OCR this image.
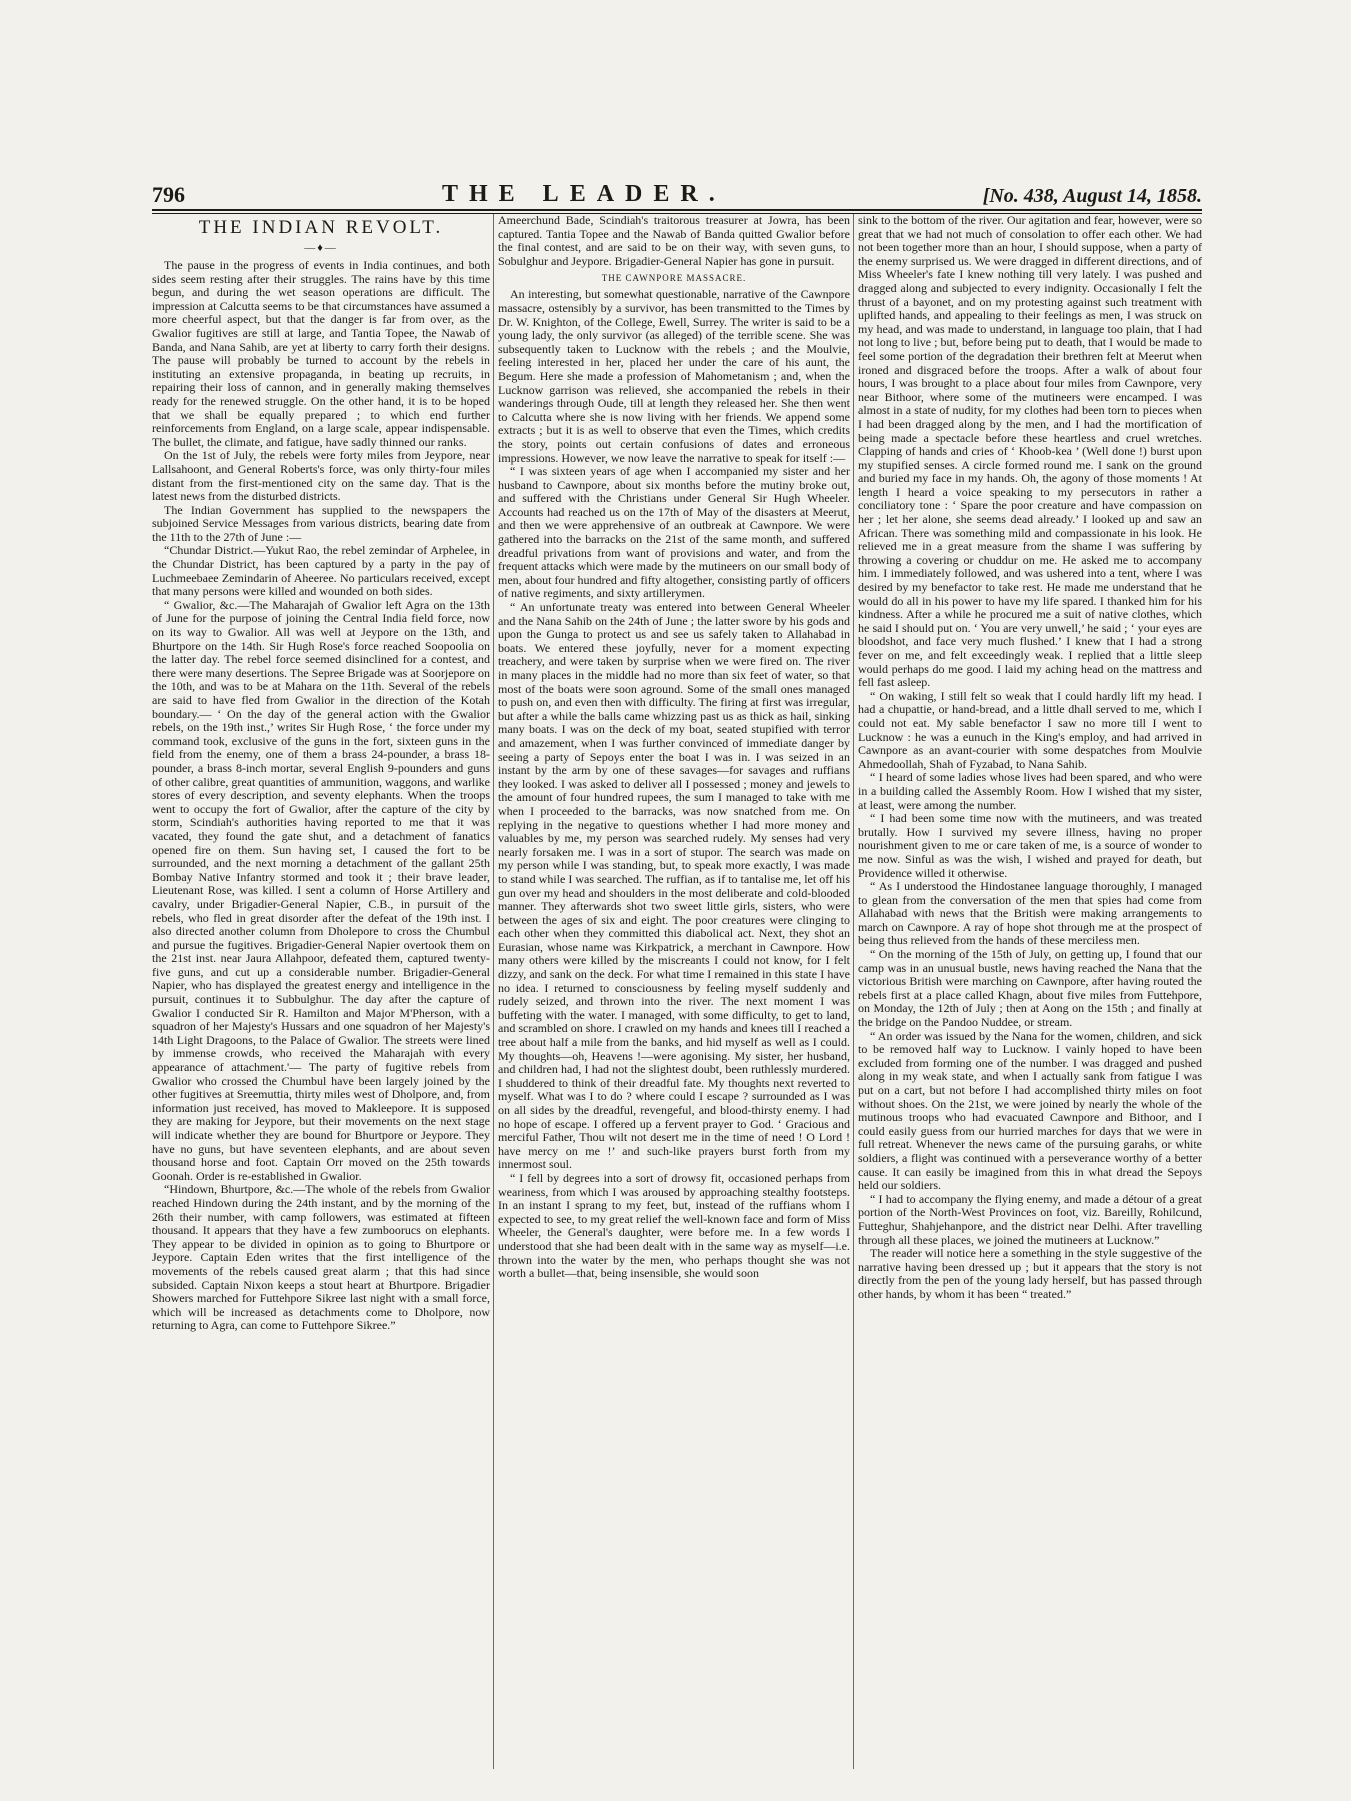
796	THE LEADER.	[No. 438, August 14, 1858.
THE INDIAN REVOLT.
—♦—

The pause in the progress of events in India continues, and both sides seem resting after their struggles. The rains have by this time begun, and during the wet season operations are difficult. The impression at Calcutta seems to be that circumstances have assumed a more cheerful aspect, but that the danger is far from over, as the Gwalior fugitives are still at large, and Tantia Topee, the Nawab of Banda, and Nana Sahib, are yet at liberty to carry forth their designs. The pause will probably be turned to account by the rebels in instituting an extensive propaganda, in beating up recruits, in repairing their loss of cannon, and in generally making themselves ready for the renewed struggle. On the other hand, it is to be hoped that we shall be equally prepared ; to which end further reinforcements from England, on a large scale, appear indispensable. The bullet, the climate, and fatigue, have sadly thinned our ranks.

On the 1st of July, the rebels were forty miles from Jeypore, near Lallsahoont, and General Roberts's force, was only thirty-four miles distant from the first-mentioned city on the same day. That is the latest news from the disturbed districts.

The Indian Government has supplied to the newspapers the subjoined Service Messages from various districts, bearing date from the 11th to the 27th of June :—

“Chundar District.—Yukut Rao, the rebel zemindar of Arphelee, in the Chundar District, has been captured by a party in the pay of Luchmeebaee Zemindarin of Aheeree. No particulars received, except that many persons were killed and wounded on both sides.

“ Gwalior, &c.—The Maharajah of Gwalior left Agra on the 13th of June for the purpose of joining the Central India field force, now on its way to Gwalior. All was well at Jeypore on the 13th, and Bhurtpore on the 14th. Sir Hugh Rose's force reached Soopoolia on the latter day. The rebel force seemed disinclined for a contest, and there were many desertions. The Sepree Brigade was at Soorjepore on the 10th, and was to be at Mahara on the 11th. Several of the rebels are said to have fled from Gwalior in the direction of the Kotah boundary.— ‘ On the day of the general action with the Gwalior rebels, on the 19th inst.,’ writes Sir Hugh Rose, ‘ the force under my command took, exclusive of the guns in the fort, sixteen guns in the field from the enemy, one of them a brass 24-pounder, a brass 18-pounder, a brass 8-inch mortar, several English 9-pounders and guns of other calibre, great quantities of ammunition, waggons, and warlike stores of every description, and seventy elephants. When the troops went to occupy the fort of Gwalior, after the capture of the city by storm, Scindiah's authorities having reported to me that it was vacated, they found the gate shut, and a detachment of fanatics opened fire on them. Sun having set, I caused the fort to be surrounded, and the next morning a detachment of the gallant 25th Bombay Native Infantry stormed and took it ; their brave leader, Lieutenant Rose, was killed. I sent a column of Horse Artillery and cavalry, under Brigadier-General Napier, C.B., in pursuit of the rebels, who fled in great disorder after the defeat of the 19th inst. I also directed another column from Dholepore to cross the Chumbul and pursue the fugitives. Brigadier-General Napier overtook them on the 21st inst. near Jaura Allahpoor, defeated them, captured twenty-five guns, and cut up a considerable number. Brigadier-General Napier, who has displayed the greatest energy and intelligence in the pursuit, continues it to Subbulghur. The day after the capture of Gwalior I conducted Sir R. Hamilton and Major M'Pherson, with a squadron of her Majesty's Hussars and one squadron of her Majesty's 14th Light Dragoons, to the Palace of Gwalior. The streets were lined by immense crowds, who received the Maharajah with every appearance of attachment.'— The party of fugitive rebels from Gwalior who crossed the Chumbul have been largely joined by the other fugitives at Sreemuttia, thirty miles west of Dholpore, and, from information just received, has moved to Makleepore. It is supposed they are making for Jeypore, but their movements on the next stage will indicate whether they are bound for Bhurtpore or Jeypore. They have no guns, but have seventeen elephants, and are about seven thousand horse and foot. Captain Orr moved on the 25th towards Goonah. Order is re-established in Gwalior.

“Hindown, Bhurtpore, &c.—The whole of the rebels from Gwalior reached Hindown during the 24th instant, and by the morning of the 26th their number, with camp followers, was estimated at fifteen thousand. It appears that they have a few zumboorucs on elephants. They appear to be divided in opinion as to going to Bhurtpore or Jeypore. Captain Eden writes that the first intelligence of the movements of the rebels caused great alarm ; that this had since subsided. Captain Nixon keeps a stout heart at Bhurtpore. Brigadier Showers marched for Futtehpore Sikree last night with a small force, which will be increased as detachments come to Dholpore, now returning to Agra, can come to Futtehpore Sikree.”

Ameerchund Bade, Scindiah's traitorous treasurer at Jowra, has been captured. Tantia Topee and the Nawab of Banda quitted Gwalior before the final contest, and are said to be on their way, with seven guns, to Sobulghur and Jeypore. Brigadier-General Napier has gone in pursuit.

THE CAWNPORE MASSACRE.

An interesting, but somewhat questionable, narrative of the Cawnpore massacre, ostensibly by a survivor, has been transmitted to the Times by Dr. W. Knighton, of the College, Ewell, Surrey. The writer is said to be a young lady, the only survivor (as alleged) of the terrible scene. She was subsequently taken to Lucknow with the rebels ; and the Moulvie, feeling interested in her, placed her under the care of his aunt, the Begum. Here she made a profession of Mahometanism ; and, when the Lucknow garrison was relieved, she accompanied the rebels in their wanderings through Oude, till at length they released her. She then went to Calcutta where she is now living with her friends. We append some extracts ; but it is as well to observe that even the Times, which credits the story, points out certain confusions of dates and erroneous impressions. However, we now leave the narrative to speak for itself :—

“ I was sixteen years of age when I accompanied my sister and her husband to Cawnpore, about six months before the mutiny broke out, and suffered with the Christians under General Sir Hugh Wheeler. Accounts had reached us on the 17th of May of the disasters at Meerut, and then we were apprehensive of an outbreak at Cawnpore. We were gathered into the barracks on the 21st of the same month, and suffered dreadful privations from want of provisions and water, and from the frequent attacks which were made by the mutineers on our small body of men, about four hundred and fifty altogether, consisting partly of officers of native regiments, and sixty artillerymen.

“ An unfortunate treaty was entered into between General Wheeler and the Nana Sahib on the 24th of June ; the latter swore by his gods and upon the Gunga to protect us and see us safely taken to Allahabad in boats. We entered these joyfully, never for a moment expecting treachery, and were taken by surprise when we were fired on. The river in many places in the middle had no more than six feet of water, so that most of the boats were soon aground. Some of the small ones managed to push on, and even then with difficulty. The firing at first was irregular, but after a while the balls came whizzing past us as thick as hail, sinking many boats. I was on the deck of my boat, seated stupified with terror and amazement, when I was further convinced of immediate danger by seeing a party of Sepoys enter the boat I was in. I was seized in an instant by the arm by one of these savages—for savages and ruffians they looked. I was asked to deliver all I possessed ; money and jewels to the amount of four hundred rupees, the sum I managed to take with me when I proceeded to the barracks, was now snatched from me. On replying in the negative to questions whether I had more money and valuables by me, my person was searched rudely. My senses had very nearly forsaken me. I was in a sort of stupor. The search was made on my person while I was standing, but, to speak more exactly, I was made to stand while I was searched. The ruffian, as if to tantalise me, let off his gun over my head and shoulders in the most deliberate and cold-blooded manner. They afterwards shot two sweet little girls, sisters, who were between the ages of six and eight. The poor creatures were clinging to each other when they committed this diabolical act. Next, they shot an Eurasian, whose name was Kirkpatrick, a merchant in Cawnpore. How many others were killed by the miscreants I could not know, for I felt dizzy, and sank on the deck. For what time I remained in this state I have no idea. I returned to consciousness by feeling myself suddenly and rudely seized, and thrown into the river. The next moment I was buffeting with the water. I managed, with some difficulty, to get to land, and scrambled on shore. I crawled on my hands and knees till I reached a tree about half a mile from the banks, and hid myself as well as I could. My thoughts—oh, Heavens !—were agonising. My sister, her husband, and children had, I had not the slightest doubt, been ruthlessly murdered. I shuddered to think of their dreadful fate. My thoughts next reverted to myself. What was I to do ? where could I escape ? surrounded as I was on all sides by the dreadful, revengeful, and blood-thirsty enemy. I had no hope of escape. I offered up a fervent prayer to God. ‘ Gracious and merciful Father, Thou wilt not desert me in the time of need ! O Lord ! have mercy on me !’ and such-like prayers burst forth from my innermost soul.

“ I fell by degrees into a sort of drowsy fit, occasioned perhaps from weariness, from which I was aroused by approaching stealthy footsteps. In an instant I sprang to my feet, but, instead of the ruffians whom I expected to see, to my great relief the well-known face and form of Miss Wheeler, the General's daughter, were before me. In a few words I understood that she had been dealt with in the same way as myself—i.e. thrown into the water by the men, who perhaps thought she was not worth a bullet—that, being insensible, she would soon

sink to the bottom of the river. Our agitation and fear, however, were so great that we had not much of consolation to offer each other. We had not been together more than an hour, I should suppose, when a party of the enemy surprised us. We were dragged in different directions, and of Miss Wheeler's fate I knew nothing till very lately. I was pushed and dragged along and subjected to every indignity. Occasionally I felt the thrust of a bayonet, and on my protesting against such treatment with uplifted hands, and appealing to their feelings as men, I was struck on my head, and was made to understand, in language too plain, that I had not long to live ; but, before being put to death, that I would be made to feel some portion of the degradation their brethren felt at Meerut when ironed and disgraced before the troops. After a walk of about four hours, I was brought to a place about four miles from Cawnpore, very near Bithoor, where some of the mutineers were encamped. I was almost in a state of nudity, for my clothes had been torn to pieces when I had been dragged along by the men, and I had the mortification of being made a spectacle before these heartless and cruel wretches. Clapping of hands and cries of ‘ Khoob-kea ’ (Well done !) burst upon my stupified senses. A circle formed round me. I sank on the ground and buried my face in my hands. Oh, the agony of those moments ! At length I heard a voice speaking to my persecutors in rather a conciliatory tone : ‘ Spare the poor creature and have compassion on her ; let her alone, she seems dead already.’ I looked up and saw an African. There was something mild and compassionate in his look. He relieved me in a great measure from the shame I was suffering by throwing a covering or chuddur on me. He asked me to accompany him. I immediately followed, and was ushered into a tent, where I was desired by my benefactor to take rest. He made me understand that he would do all in his power to have my life spared. I thanked him for his kindness. After a while he procured me a suit of native clothes, which he said I should put on. ‘ You are very unwell,’ he said ; ‘ your eyes are bloodshot, and face very much flushed.’ I knew that I had a strong fever on me, and felt exceedingly weak. I replied that a little sleep would perhaps do me good. I laid my aching head on the mattress and fell fast asleep.

“ On waking, I still felt so weak that I could hardly lift my head. I had a chupattie, or hand-bread, and a little dhall served to me, which I could not eat. My sable benefactor I saw no more till I went to Lucknow : he was a eunuch in the King's employ, and had arrived in Cawnpore as an avant-courier with some despatches from Moulvie Ahmedoollah, Shah of Fyzabad, to Nana Sahib.

“ I heard of some ladies whose lives had been spared, and who were in a building called the Assembly Room. How I wished that my sister, at least, were among the number.

“ I had been some time now with the mutineers, and was treated brutally. How I survived my severe illness, having no proper nourishment given to me or care taken of me, is a source of wonder to me now. Sinful as was the wish, I wished and prayed for death, but Providence willed it otherwise.

“ As I understood the Hindostanee language thoroughly, I managed to glean from the conversation of the men that spies had come from Allahabad with news that the British were making arrangements to march on Cawnpore. A ray of hope shot through me at the prospect of being thus relieved from the hands of these merciless men.

“ On the morning of the 15th of July, on getting up, I found that our camp was in an unusual bustle, news having reached the Nana that the victorious British were marching on Cawnpore, after having routed the rebels first at a place called Khagn, about five miles from Futtehpore, on Monday, the 12th of July ; then at Aong on the 15th ; and finally at the bridge on the Pandoo Nuddee, or stream.

“ An order was issued by the Nana for the women, children, and sick to be removed half way to Lucknow. I vainly hoped to have been excluded from forming one of the number. I was dragged and pushed along in my weak state, and when I actually sank from fatigue I was put on a cart, but not before I had accomplished thirty miles on foot without shoes. On the 21st, we were joined by nearly the whole of the mutinous troops who had evacuated Cawnpore and Bithoor, and I could easily guess from our hurried marches for days that we were in full retreat. Whenever the news came of the pursuing garahs, or white soldiers, a flight was continued with a perseverance worthy of a better cause. It can easily be imagined from this in what dread the Sepoys held our soldiers.

“ I had to accompany the flying enemy, and made a détour of a great portion of the North-West Provinces on foot, viz. Bareilly, Rohilcund, Futteghur, Shahjehanpore, and the district near Delhi. After travelling through all these places, we joined the mutineers at Lucknow.”

The reader will notice here a something in the style suggestive of the narrative having been dressed up ; but it appears that the story is not directly from the pen of the young lady herself, but has passed through other hands, by whom it has been “ treated.”
